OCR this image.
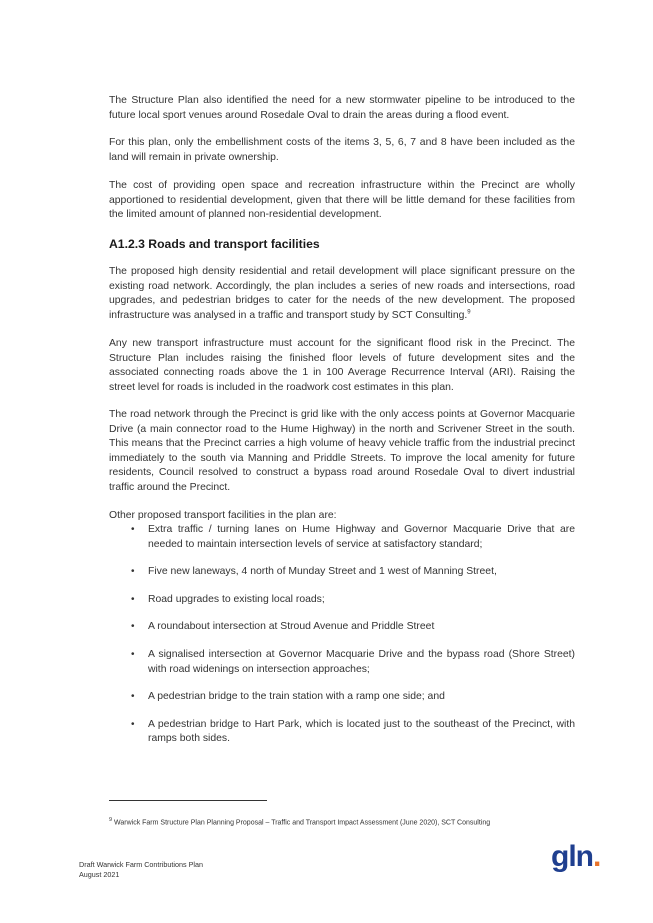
The Structure Plan also identified the need for a new stormwater pipeline to be introduced to the future local sport venues around Rosedale Oval to drain the areas during a flood event.

For this plan, only the embellishment costs of the items 3, 5, 6, 7 and 8 have been included as the land will remain in private ownership.

The cost of providing open space and recreation infrastructure within the Precinct are wholly apportioned to residential development, given that there will be little demand for these facilities from the limited amount of planned non-residential development.

A1.2.3 Roads and transport facilities

The proposed high density residential and retail development will place significant pressure on the existing road network. Accordingly, the plan includes a series of new roads and intersections, road upgrades, and pedestrian bridges to cater for the needs of the new development. The proposed infrastructure was analysed in a traffic and transport study by SCT Consulting.$^9$

Any new transport infrastructure must account for the significant flood risk in the Precinct. The Structure Plan includes raising the finished floor levels of future development sites and the associated connecting roads above the 1 in 100 Average Recurrence Interval (ARI). Raising the street level for roads is included in the roadwork cost estimates in this plan.

The road network through the Precinct is grid like with the only access points at Governor Macquarie Drive (a main connector road to the Hume Highway) in the north and Scrivener Street in the south. This means that the Precinct carries a high volume of heavy vehicle traffic from the industrial precinct immediately to the south via Manning and Priddle Streets. To improve the local amenity for future residents, Council resolved to construct a bypass road around Rosedale Oval to divert industrial traffic around the Precinct.

Other proposed transport facilities in the plan are:

• Extra traffic / turning lanes on Hume Highway and Governor Macquarie Drive that are needed to maintain intersection levels of service at satisfactory standard;
• Five new laneways, 4 north of Munday Street and 1 west of Manning Street,
• Road upgrades to existing local roads;
• A roundabout intersection at Stroud Avenue and Priddle Street
• A signalised intersection at Governor Macquarie Drive and the bypass road (Shore Street) with road widenings on intersection approaches;
• A pedestrian bridge to the train station with a ramp one side; and
• A pedestrian bridge to Hart Park, which is located just to the southeast of the Precinct, with ramps both sides.
$^9$ Warwick Farm Structure Plan Planning Proposal – Traffic and Transport Impact Assessment (June 2020), SCT Consulting
Draft Warwick Farm Contributions Plan
August 2021
gln.
